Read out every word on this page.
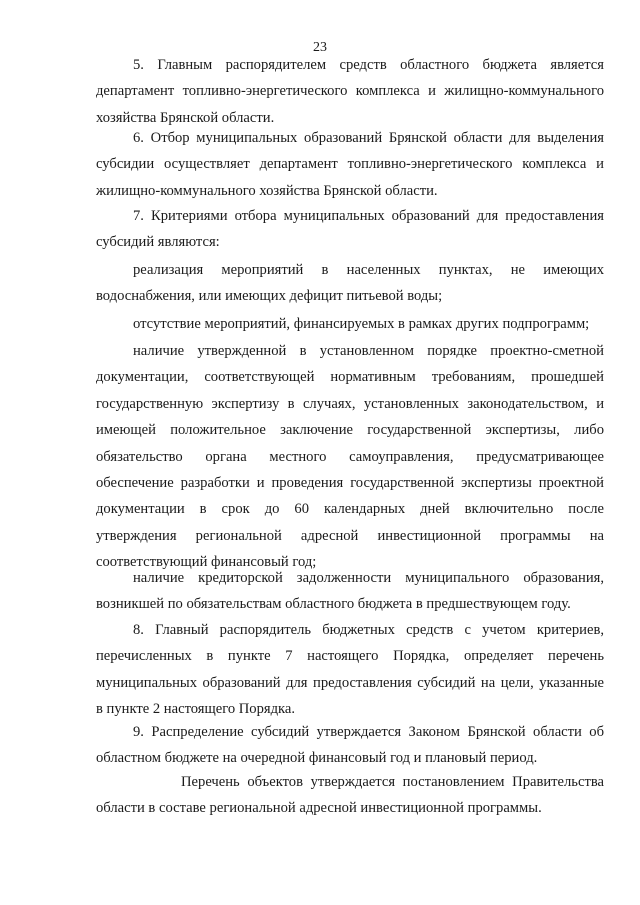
23
5. Главным распорядителем средств областного бюджета является
департамент топливно-энергетического комплекса и жилищно-коммунального
хозяйства Брянской области.
6. Отбор муниципальных образований Брянской области для выделения
субсидии осуществляет департамент топливно-энергетического комплекса и
жилищно-коммунального хозяйства Брянской области.
7. Критериями отбора муниципальных образований для предоставления
субсидий являются:
реализация мероприятий в населенных пунктах, не имеющих
водоснабжения, или имеющих дефицит питьевой воды;
отсутствие мероприятий, финансируемых в рамках других подпрограмм;
наличие утвержденной в установленном порядке проектно-сметной
документации, соответствующей нормативным требованиям, прошедшей
государственную экспертизу в случаях, установленных законодательством, и
имеющей положительное заключение государственной экспертизы, либо
обязательство органа местного самоуправления, предусматривающее
обеспечение разработки и проведения государственной экспертизы проектной
документации в срок до 60 календарных дней включительно после
утверждения региональной адресной инвестиционной программы на
соответствующий финансовый год;
наличие кредиторской задолженности муниципального образования,
возникшей по обязательствам областного бюджета в предшествующем году.
8. Главный распорядитель бюджетных средств с учетом критериев,
перечисленных в пункте 7 настоящего Порядка, определяет перечень
муниципальных образований для предоставления субсидий на цели, указанные
в пункте 2 настоящего Порядка.
9. Распределение субсидий утверждается Законом Брянской области об
областном бюджете на очередной финансовый год и плановый период.
Перечень объектов утверждается постановлением Правительства
области в составе региональной адресной инвестиционной программы.
